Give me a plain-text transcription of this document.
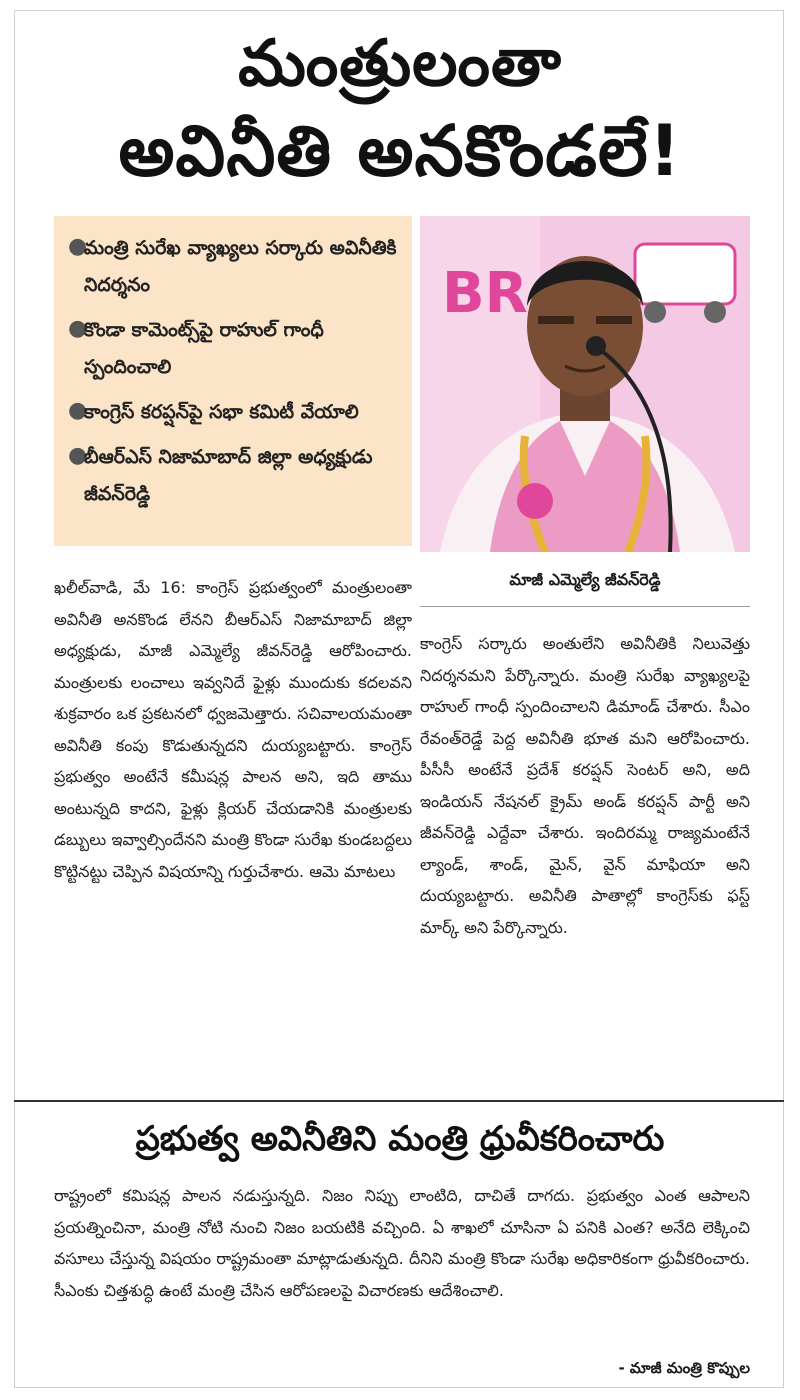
మంత్రులంతా
అవినీతి అనకొండలే!
●
మంత్రి సురేఖ వ్యాఖ్యలు సర్కారు అవినీతికి నిదర్శనం
●
కొండా కామెంట్స్‌పై రాహుల్ గాంధీ స్పందించాలి
●
కాంగ్రెస్ కరప్షన్‌పై సభా కమిటీ వేయాలి
●
బీఆర్‌ఎస్ నిజామాబాద్ జిల్లా అధ్యక్షుడు జీవన్‌రెడ్డి
BR
మాజీ ఎమ్మెల్యే జీవన్‌రెడ్డి

ఖలీల్‌వాడి, మే 16: కాంగ్రెస్ ప్రభుత్వంలో మంత్రులంతా అవినీతి అనకొండ లేనని బీఆర్‌ఎస్ నిజామాబాద్ జిల్లా అధ్యక్షుడు, మాజీ ఎమ్మెల్యే జీవన్‌రెడ్డి ఆరోపించారు. మంత్రులకు లంచాలు ఇవ్వనిదే ఫైళ్లు ముందుకు కదలవని శుక్రవారం ఒక ప్రకటనలో ధ్వజమెత్తారు. సచివాలయమంతా అవినీతి కంపు కొడుతున్నదని దుయ్యబట్టారు. కాంగ్రెస్ ప్రభుత్వం అంటేనే కమీషన్ల పాలన అని, ఇది తాము అంటున్నది కాదని, ఫైళ్లు క్లియర్ చేయడానికి మంత్రులకు డబ్బులు ఇవ్వాల్సిందేనని మంత్రి కొండా సురేఖ కుండబద్దలు కొట్టినట్టు చెప్పిన విషయాన్ని గుర్తుచేశారు. ఆమె మాటలు

కాంగ్రెస్ సర్కారు అంతులేని అవినీతికి నిలువెత్తు నిదర్శనమని పేర్కొన్నారు. మంత్రి సురేఖ వ్యాఖ్యలపై రాహుల్ గాంధీ స్పందించాలని డిమాండ్ చేశారు. సీఎం రేవంత్‌రెడ్డే పెద్ద అవినీతి భూత మని ఆరోపించారు. పీసీసీ అంటేనే ప్రదేశ్ కరప్షన్ సెంటర్ అని, అది ఇండియన్ నేషనల్ క్రైమ్ అండ్ కరప్షన్ పార్టీ అని జీవన్‌రెడ్డి ఎద్దేవా చేశారు. ఇందిరమ్మ రాజ్యమంటేనే ల్యాండ్, శాండ్, మైన్, వైన్ మాఫియా అని దుయ్యబట్టారు. అవినీతి పాతాల్లో కాంగ్రెస్‌కు ఫస్ట్ మార్క్ అని పేర్కొన్నారు.

ప్రభుత్వ అవినీతిని మంత్రి ధ్రువీకరించారు

రాష్ట్రంలో కమిషన్ల పాలన నడుస్తున్నది. నిజం నిప్పు లాంటిది, దాచితే దాగదు. ప్రభుత్వం ఎంత ఆపాలని ప్రయత్నించినా, మంత్రి నోటి నుంచి నిజం బయటికి వచ్చింది. ఏ శాఖలో చూసినా ఏ పనికి ఎంత? అనేది లెక్కించి వసూలు చేస్తున్న విషయం రాష్ట్రమంతా మాట్లాడుతున్నది. దీనిని మంత్రి కొండా సురేఖ అధికారికంగా ధ్రువీకరించారు. సీఎంకు చిత్తశుద్ధి ఉంటే మంత్రి చేసిన ఆరోపణలపై విచారణకు ఆదేశించాలి.

- మాజీ మంత్రి కొప్పుల
